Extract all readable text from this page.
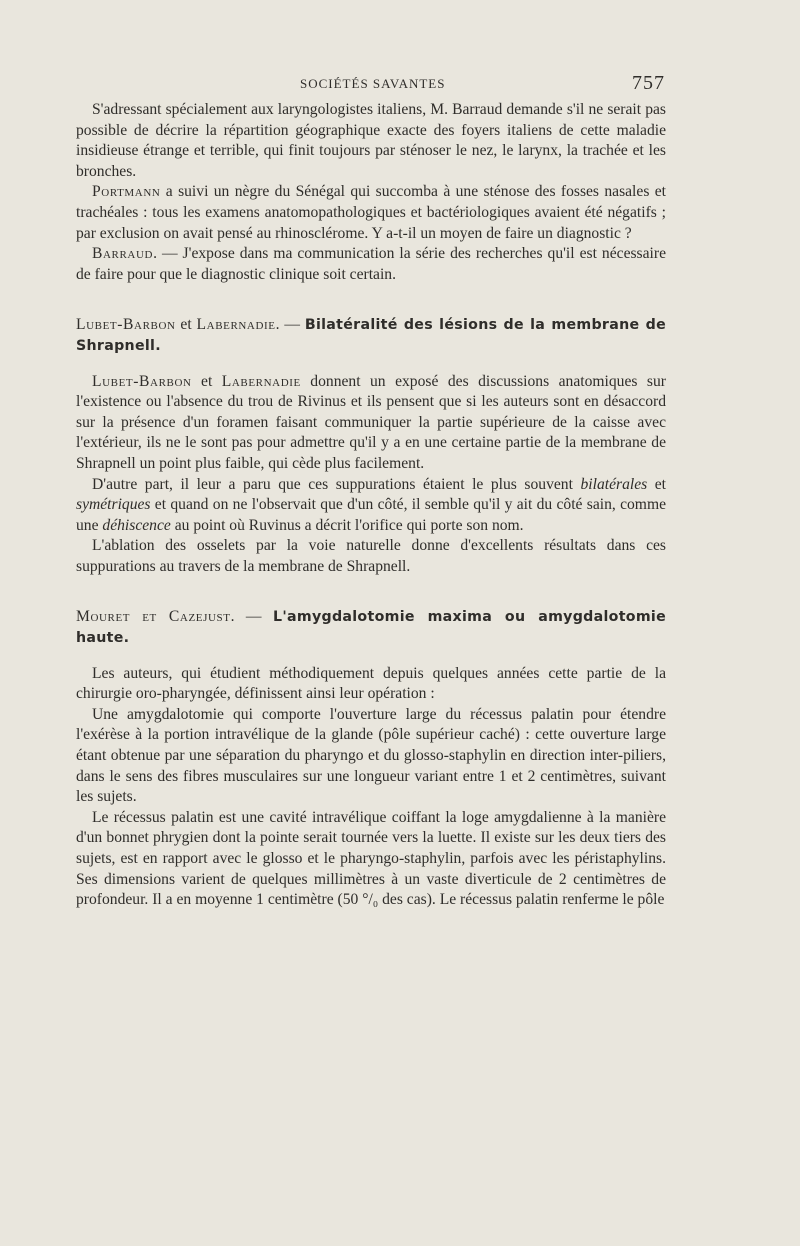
SOCIÉTÉS SAVANTES	757

S'adressant spécialement aux laryngologistes italiens, M. Barraud demande s'il ne serait pas possible de décrire la répartition géographique exacte des foyers italiens de cette maladie insidieuse étrange et terrible, qui finit toujours par sténoser le nez, le larynx, la trachée et les bronches.

Portmann a suivi un nègre du Sénégal qui succomba à une sténose des fosses nasales et trachéales : tous les examens anatomopathologiques et bactériologiques avaient été négatifs ; par exclusion on avait pensé au rhinosclérome. Y a-t-il un moyen de faire un diagnostic ?

Barraud. — J'expose dans ma communication la série des recherches qu'il est nécessaire de faire pour que le diagnostic clinique soit certain.

Lubet-Barbon et Labernadie. — Bilatéralité des lésions de la membrane de Shrapnell.

Lubet-Barbon et Labernadie donnent un exposé des discussions anatomiques sur l'existence ou l'absence du trou de Rivinus et ils pensent que si les auteurs sont en désaccord sur la présence d'un foramen faisant communiquer la partie supérieure de la caisse avec l'extérieur, ils ne le sont pas pour admettre qu'il y a en une certaine partie de la membrane de Shrapnell un point plus faible, qui cède plus facilement.

D'autre part, il leur a paru que ces suppurations étaient le plus souvent bilatérales et symétriques et quand on ne l'observait que d'un côté, il semble qu'il y ait du côté sain, comme une déhiscence au point où Ruvinus a décrit l'orifice qui porte son nom.

L'ablation des osselets par la voie naturelle donne d'excellents résultats dans ces suppurations au travers de la membrane de Shrapnell.

Mouret et Cazejust. — L'amygdalotomie maxima ou amygdalotomie haute.

Les auteurs, qui étudient méthodiquement depuis quelques années cette partie de la chirurgie oro-pharyngée, définissent ainsi leur opération :

Une amygdalotomie qui comporte l'ouverture large du récessus palatin pour étendre l'exérèse à la portion intravélique de la glande (pôle supérieur caché) : cette ouverture large étant obtenue par une séparation du pharyngo et du glosso-staphylin en direction inter-piliers, dans le sens des fibres musculaires sur une longueur variant entre 1 et 2 centimètres, suivant les sujets.

Le récessus palatin est une cavité intravélique coiffant la loge amygdalienne à la manière d'un bonnet phrygien dont la pointe serait tournée vers la luette. Il existe sur les deux tiers des sujets, est en rapport avec le glosso et le pharyngo-staphylin, parfois avec les péristaphylins. Ses dimensions varient de quelques millimètres à un vaste diverticule de 2 centimètres de profondeur. Il a en moyenne 1 centimètre (50 °/₀ des cas). Le récessus palatin renferme le pôle
